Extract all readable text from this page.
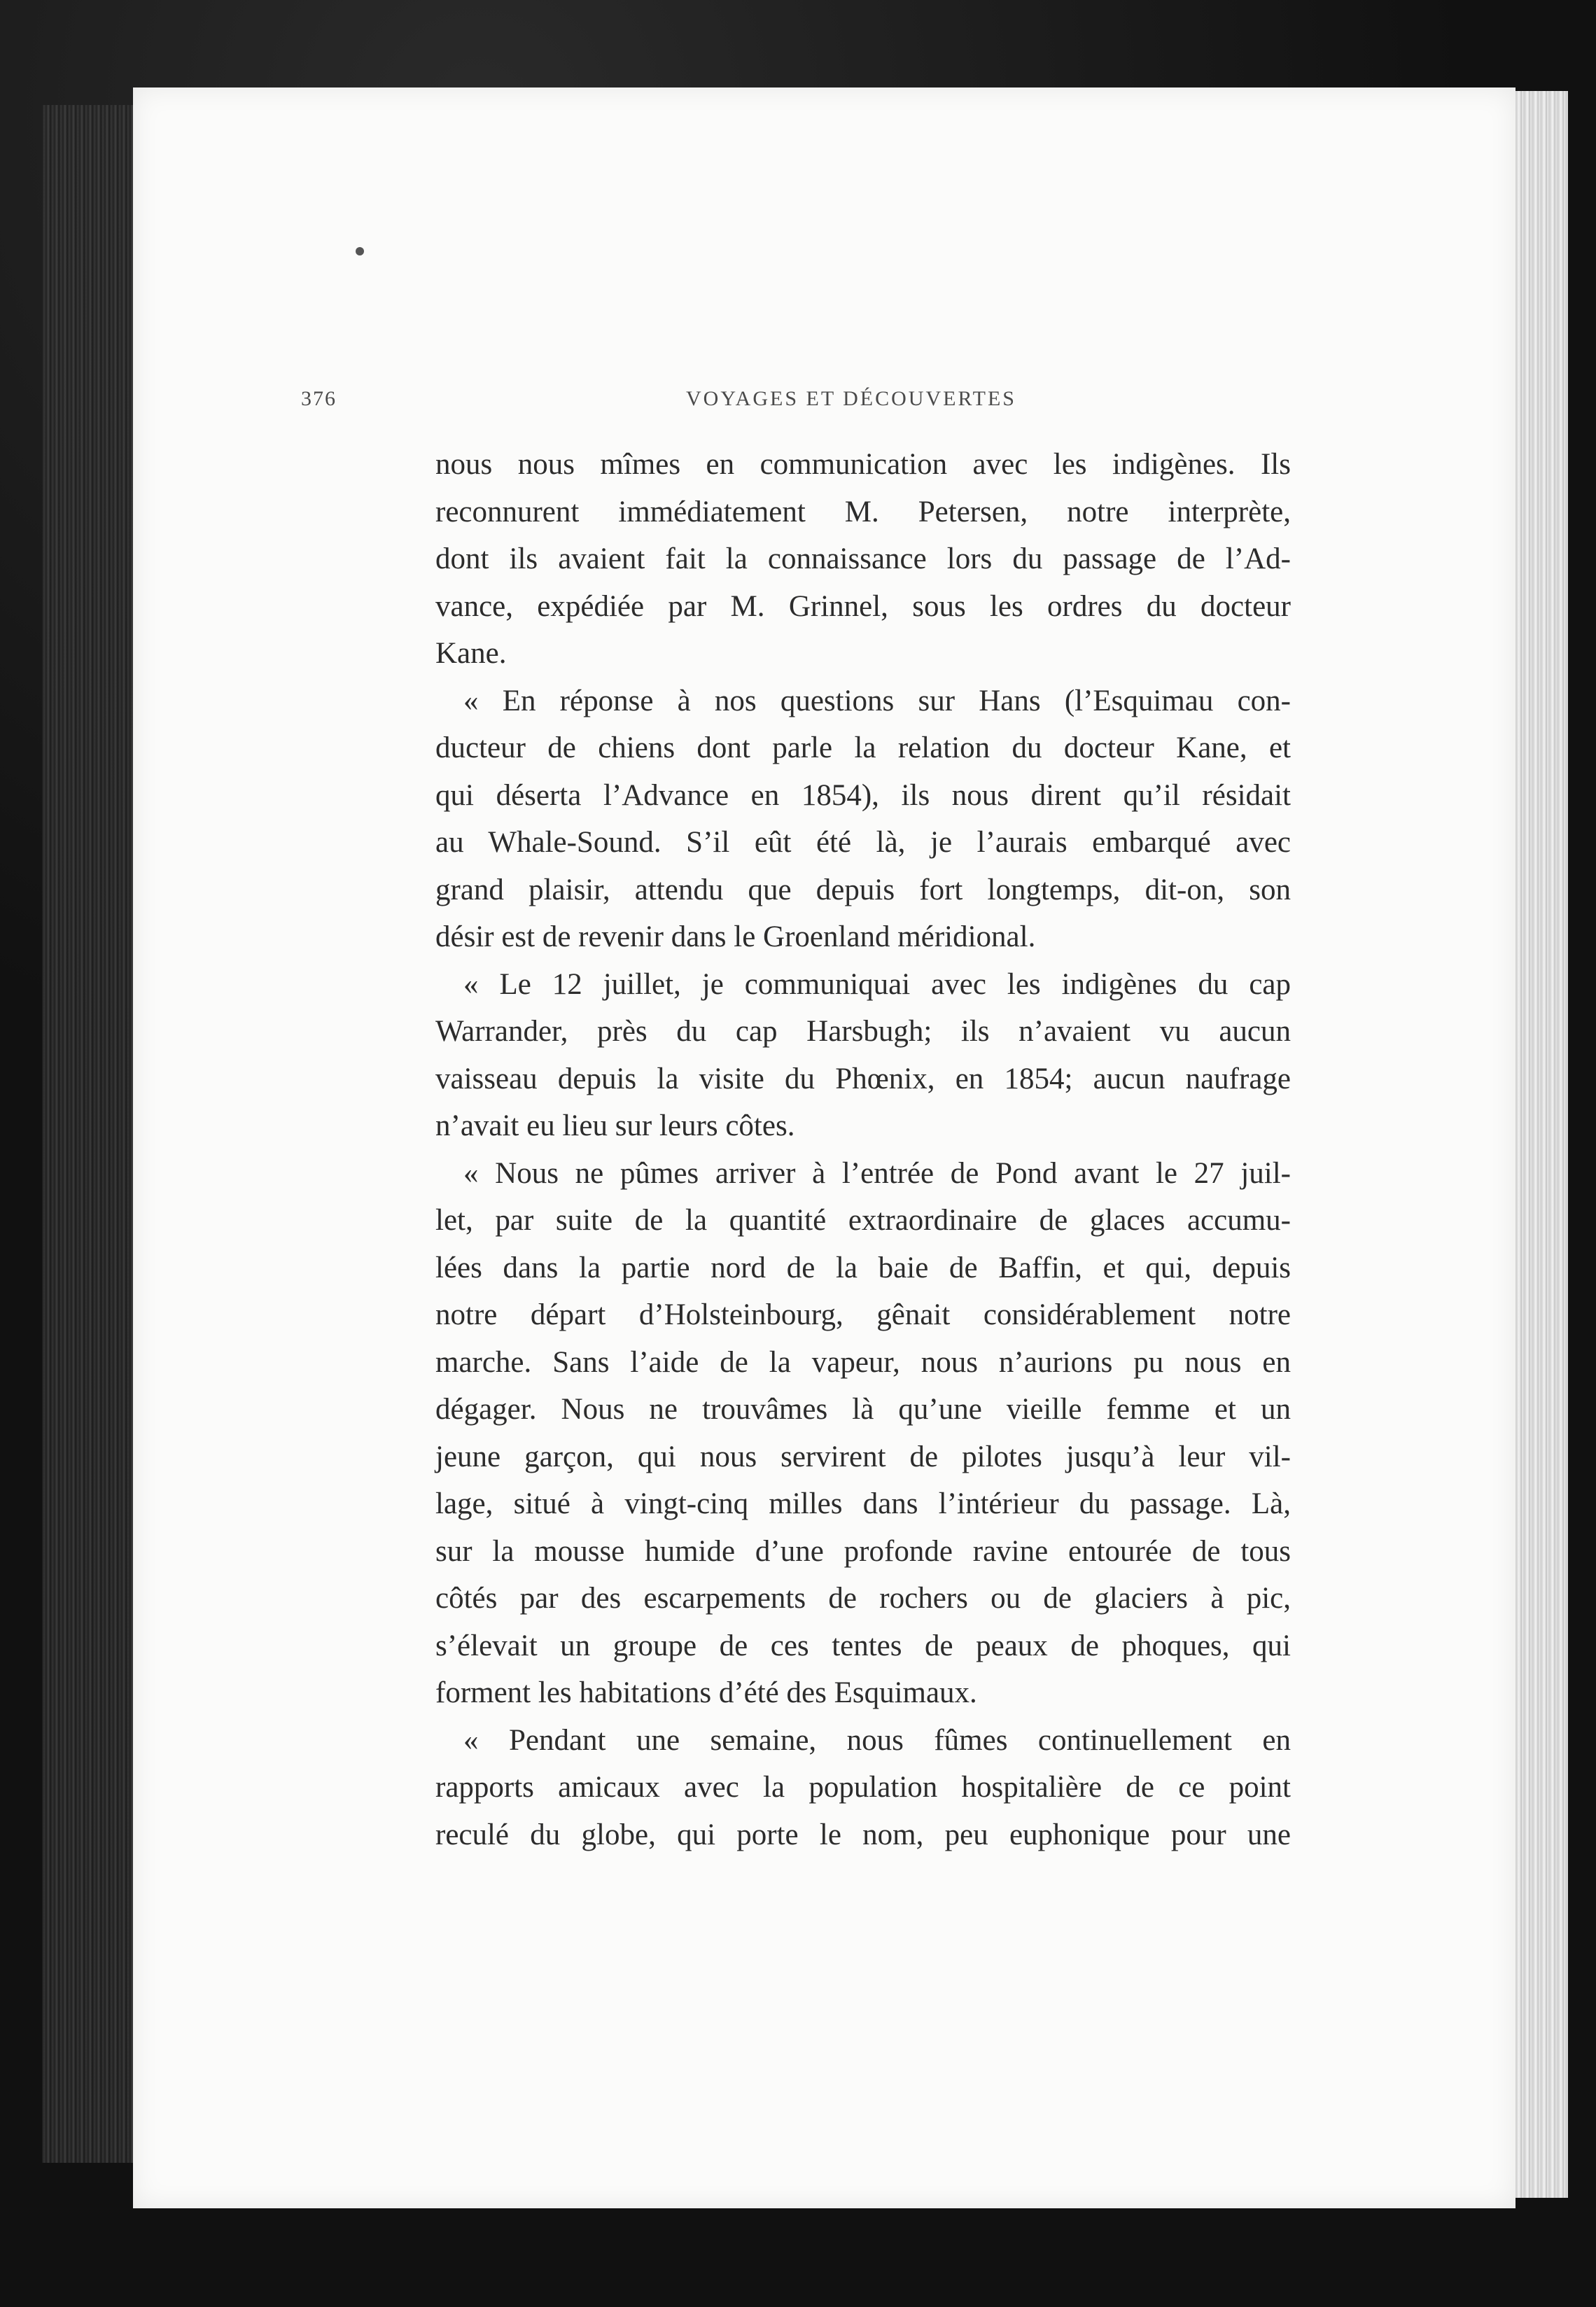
376	VOYAGES ET DÉCOUVERTES
nous nous mîmes en communication avec les indigènes. Ils
reconnurent immédiatement M. Petersen, notre interprète,
dont ils avaient fait la connaissance lors du passage de l’Ad-
vance, expédiée par M. Grinnel, sous les ordres du docteur
Kane.
« En réponse à nos questions sur Hans (l’Esquimau con-
ducteur de chiens dont parle la relation du docteur Kane, et
qui déserta l’Advance en 1854), ils nous dirent qu’il résidait
au Whale-Sound. S’il eût été là, je l’aurais embarqué avec
grand plaisir, attendu que depuis fort longtemps, dit-on, son
désir est de revenir dans le Groenland méridional.
« Le 12 juillet, je communiquai avec les indigènes du cap
Warrander, près du cap Harsbugh; ils n’avaient vu aucun
vaisseau depuis la visite du Phœnix, en 1854; aucun naufrage
n’avait eu lieu sur leurs côtes.
« Nous ne pûmes arriver à l’entrée de Pond avant le 27 juil-
let, par suite de la quantité extraordinaire de glaces accumu-
lées dans la partie nord de la baie de Baffin, et qui, depuis
notre départ d’Holsteinbourg, gênait considérablement notre
marche. Sans l’aide de la vapeur, nous n’aurions pu nous en
dégager. Nous ne trouvâmes là qu’une vieille femme et un
jeune garçon, qui nous servirent de pilotes jusqu’à leur vil-
lage, situé à vingt-cinq milles dans l’intérieur du passage. Là,
sur la mousse humide d’une profonde ravine entourée de tous
côtés par des escarpements de rochers ou de glaciers à pic,
s’élevait un groupe de ces tentes de peaux de phoques, qui
forment les habitations d’été des Esquimaux.
« Pendant une semaine, nous fûmes continuellement en
rapports amicaux avec la population hospitalière de ce point
reculé du globe, qui porte le nom, peu euphonique pour une
